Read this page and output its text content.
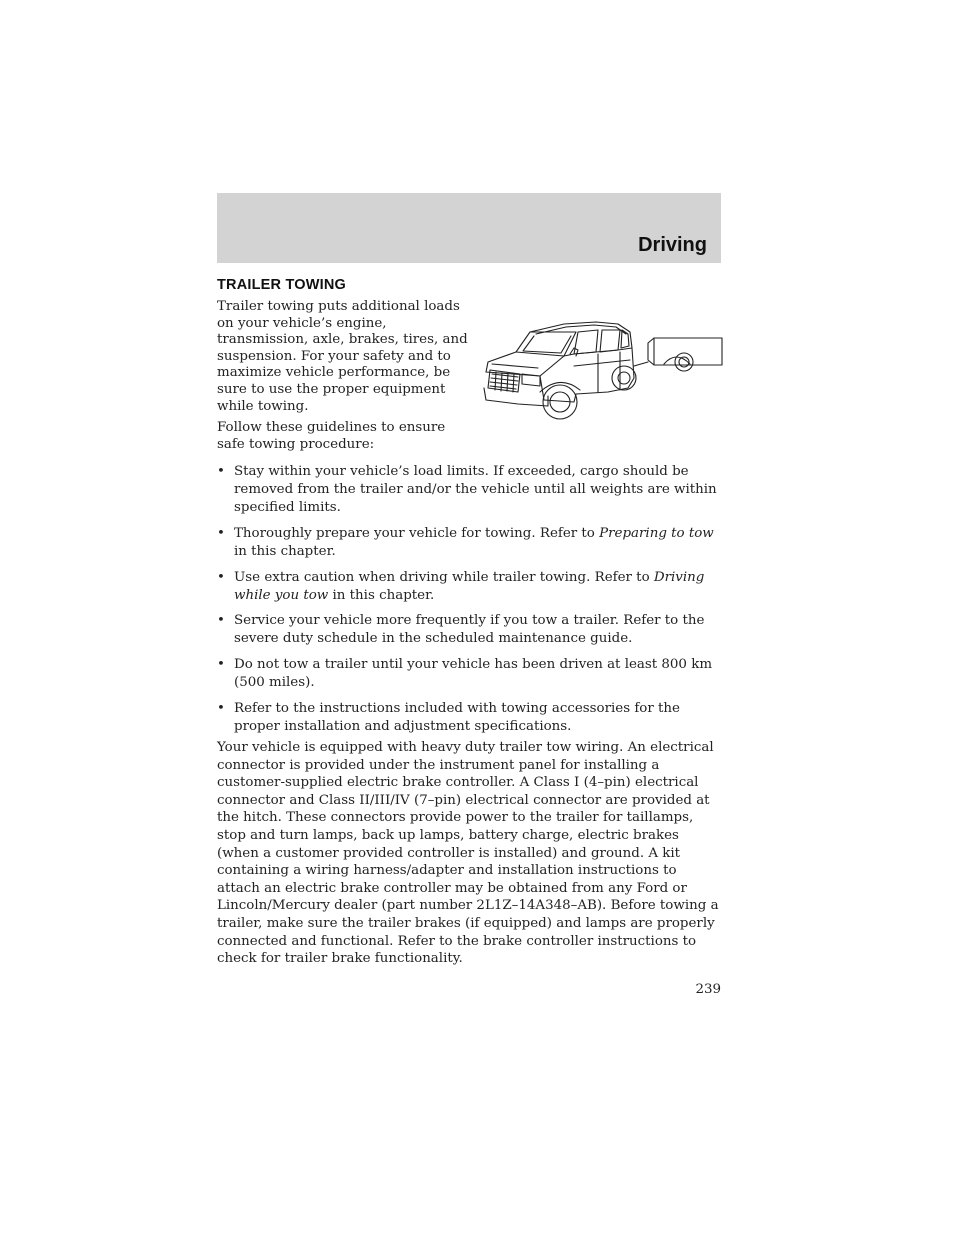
Driving
TRAILER TOWING
Trailer towing puts additional loads on your vehicle’s engine, transmission, axle, brakes, tires, and suspension. For your safety and to maximize vehicle performance, be sure to use the proper equipment while towing.
Follow these guidelines to ensure safe towing procedure:
• Stay within your vehicle’s load limits. If exceeded, cargo should be removed from the trailer and/or the vehicle until all weights are within specified limits.
• Thoroughly prepare your vehicle for towing. Refer to Preparing to tow in this chapter.
• Use extra caution when driving while trailer towing. Refer to Driving while you tow in this chapter.
• Service your vehicle more frequently if you tow a trailer. Refer to the severe duty schedule in the scheduled maintenance guide.
• Do not tow a trailer until your vehicle has been driven at least 800 km (500 miles).
• Refer to the instructions included with towing accessories for the proper installation and adjustment specifications.
Your vehicle is equipped with heavy duty trailer tow wiring. An electrical connector is provided under the instrument panel for installing a customer-supplied electric brake controller. A Class I (4–pin) electrical connector and Class II/III/IV (7–pin) electrical connector are provided at the hitch. These connectors provide power to the trailer for taillamps, stop and turn lamps, back up lamps, battery charge, electric brakes (when a customer provided controller is installed) and ground. A kit containing a wiring harness/adapter and installation instructions to attach an electric brake controller may be obtained from any Ford or Lincoln/Mercury dealer (part number 2L1Z–14A348–AB). Before towing a trailer, make sure the trailer brakes (if equipped) and lamps are properly connected and functional. Refer to the brake controller instructions to check for trailer brake functionality.
239
